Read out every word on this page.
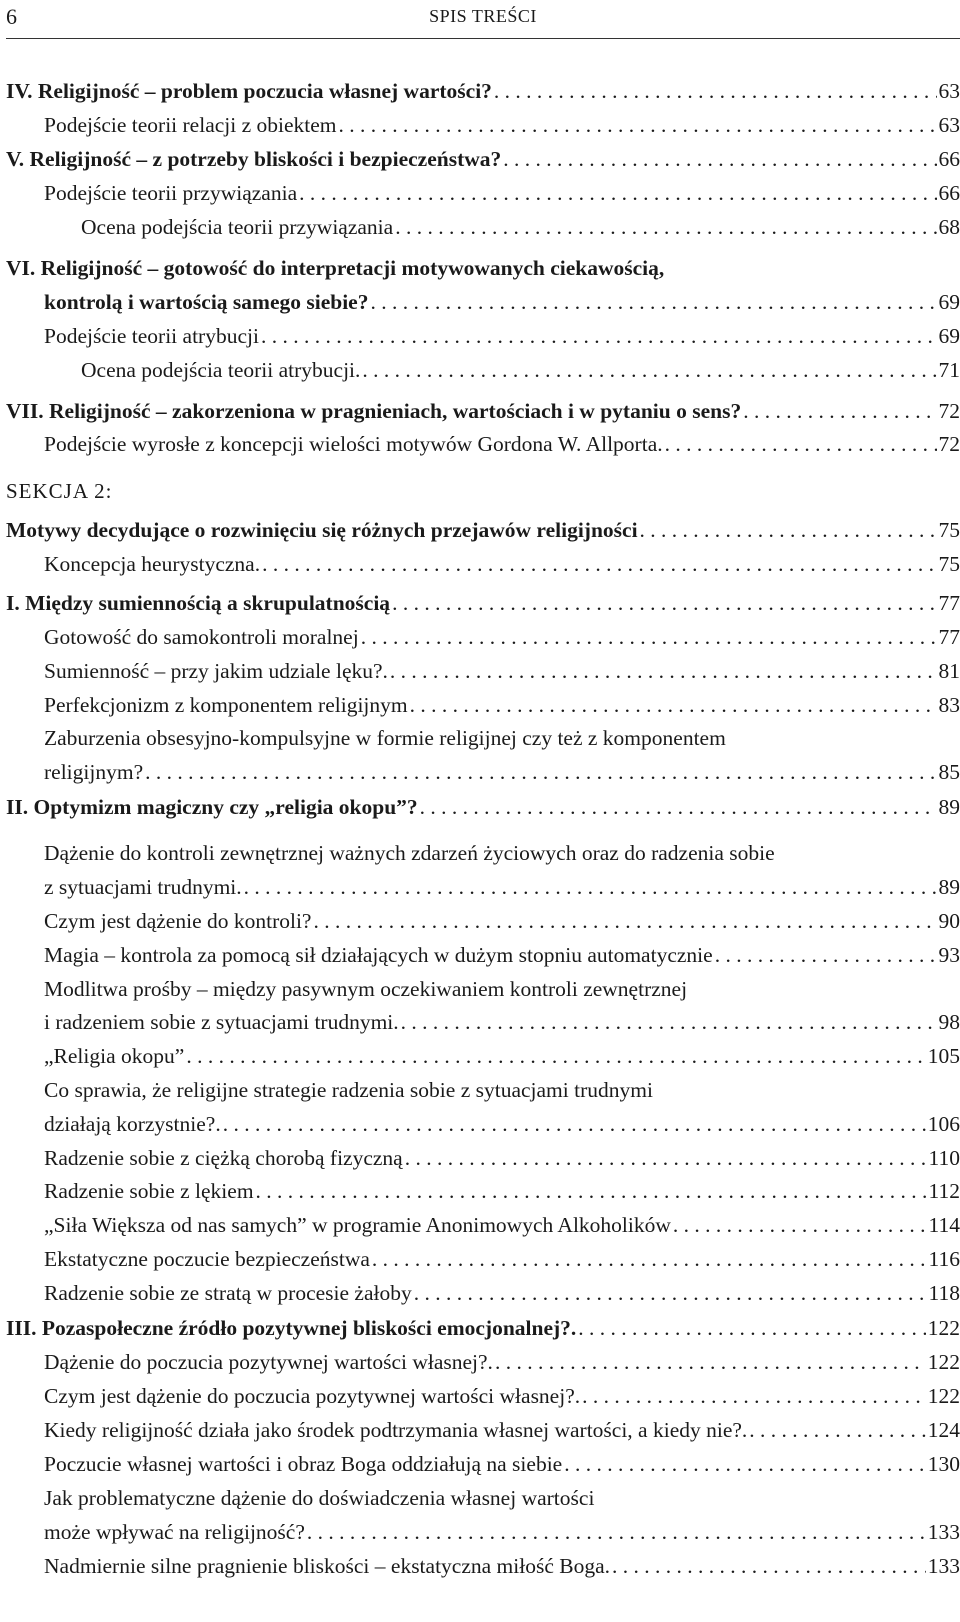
6	SPIS TREŚCI
SEKCJA 2:
IV. Religijność – problem poczucia własnej wartości? . . .	63
Podejście teorii relacji z obiektem . . .	63
V. Religijność – z potrzeby bliskości i bezpieczeństwa? . . .	66
Podejście teorii przywiązania . . .	66
Ocena podejścia teorii przywiązania . . .	68
VI. Religijność – gotowość do interpretacji motywowanych ciekawością,
kontrolą i wartością samego siebie? . . .	69
Podejście teorii atrybucji . . .	69
Ocena podejścia teorii atrybucji. . . .	71
VII. Religijność – zakorzeniona w pragnieniach, wartościach i w pytaniu o sens? . . .	72
Podejście wyrosłe z koncepcji wielości motywów Gordona W. Allporta. . . .	72
Motywy decydujące o rozwinięciu się różnych przejawów religijności . . .	75
Koncepcja heurystyczna. . . .	75
I. Między sumiennością a skrupulatnością . . .	77
Gotowość do samokontroli moralnej . . .	77
Sumienność – przy jakim udziale lęku?. . . .	81
Perfekcjonizm z komponentem religijnym . . .	83
Zaburzenia obsesyjno-kompulsyjne w formie religijnej czy też z komponentem
religijnym? . . .	85
II. Optymizm magiczny czy „religia okopu”? . . .	89
Dążenie do kontroli zewnętrznej ważnych zdarzeń życiowych oraz do radzenia sobie
z sytuacjami trudnymi. . . .	89
Czym jest dążenie do kontroli? . . .	90
Magia – kontrola za pomocą sił działających w dużym stopniu automatycznie . . .	93
Modlitwa prośby – między pasywnym oczekiwaniem kontroli zewnętrznej
i radzeniem sobie z sytuacjami trudnymi. . . .	98
„Religia okopu” . . .	105
Co sprawia, że religijne strategie radzenia sobie z sytuacjami trudnymi
działają korzystnie?. . . .	106
Radzenie sobie z ciężką chorobą fizyczną . . .	110
Radzenie sobie z lękiem . . .	112
„Siła Większa od nas samych” w programie Anonimowych Alkoholików . . .	114
Ekstatyczne poczucie bezpieczeństwa . . .	116
Radzenie sobie ze stratą w procesie żałoby . . .	118
III. Pozaspołeczne źródło pozytywnej bliskości emocjonalnej?. . . .	122
Dążenie do poczucia pozytywnej wartości własnej?. . . .	122
Czym jest dążenie do poczucia pozytywnej wartości własnej?. . . .	122
Kiedy religijność działa jako środek podtrzymania własnej wartości, a kiedy nie?. . . .	124
Poczucie własnej wartości i obraz Boga oddziałują na siebie . . .	130
Jak problematyczne dążenie do doświadczenia własnej wartości
może wpływać na religijność? . . .	133
Nadmiernie silne pragnienie bliskości – ekstatyczna miłość Boga. . . .	133
